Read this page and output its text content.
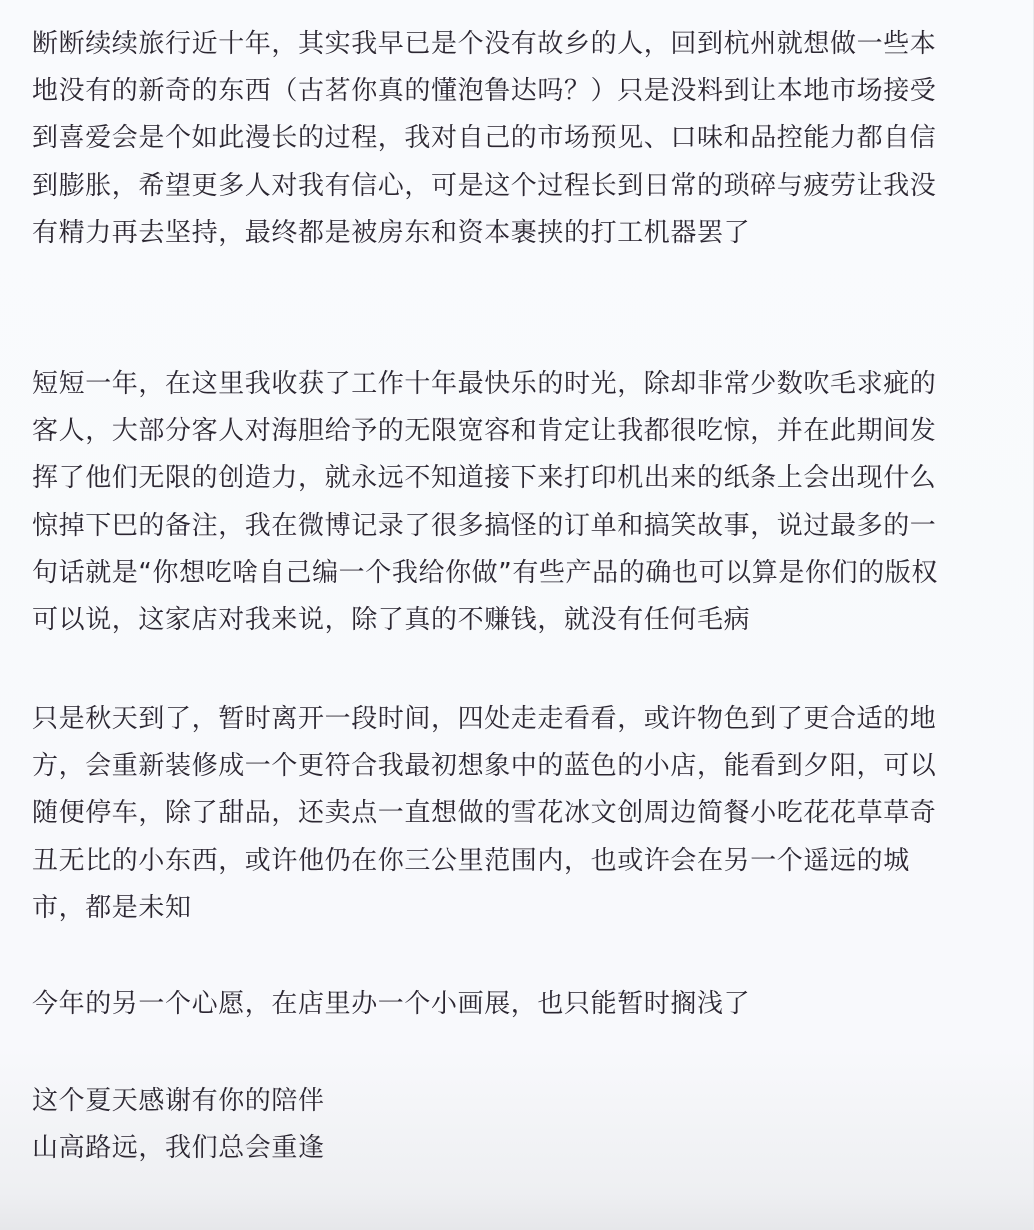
断断续续旅行近十年，其实我早已是个没有故乡的人，回到杭州就想做一些本
地没有的新奇的东西（古茗你真的懂泡鲁达吗？）只是没料到让本地市场接受
到喜爱会是个如此漫长的过程，我对自己的市场预见、口味和品控能力都自信
到膨胀，希望更多人对我有信心，可是这个过程长到日常的琐碎与疲劳让我没
有精力再去坚持，最终都是被房东和资本裹挟的打工机器罢了

短短一年，在这里我收获了工作十年最快乐的时光，除却非常少数吹毛求疵的
客人，大部分客人对海胆给予的无限宽容和肯定让我都很吃惊，并在此期间发
挥了他们无限的创造力，就永远不知道接下来打印机出来的纸条上会出现什么
惊掉下巴的备注，我在微博记录了很多搞怪的订单和搞笑故事，说过最多的一
句话就是“你想吃啥自己编一个我给你做”有些产品的确也可以算是你们的版权
可以说，这家店对我来说，除了真的不赚钱，就没有任何毛病

只是秋天到了，暂时离开一段时间，四处走走看看，或许物色到了更合适的地
方，会重新装修成一个更符合我最初想象中的蓝色的小店，能看到夕阳，可以
随便停车，除了甜品，还卖点一直想做的雪花冰文创周边简餐小吃花花草草奇
丑无比的小东西，或许他仍在你三公里范围内，也或许会在另一个遥远的城
市，都是未知

今年的另一个心愿，在店里办一个小画展，也只能暂时搁浅了

这个夏天感谢有你的陪伴
山高路远，我们总会重逢
